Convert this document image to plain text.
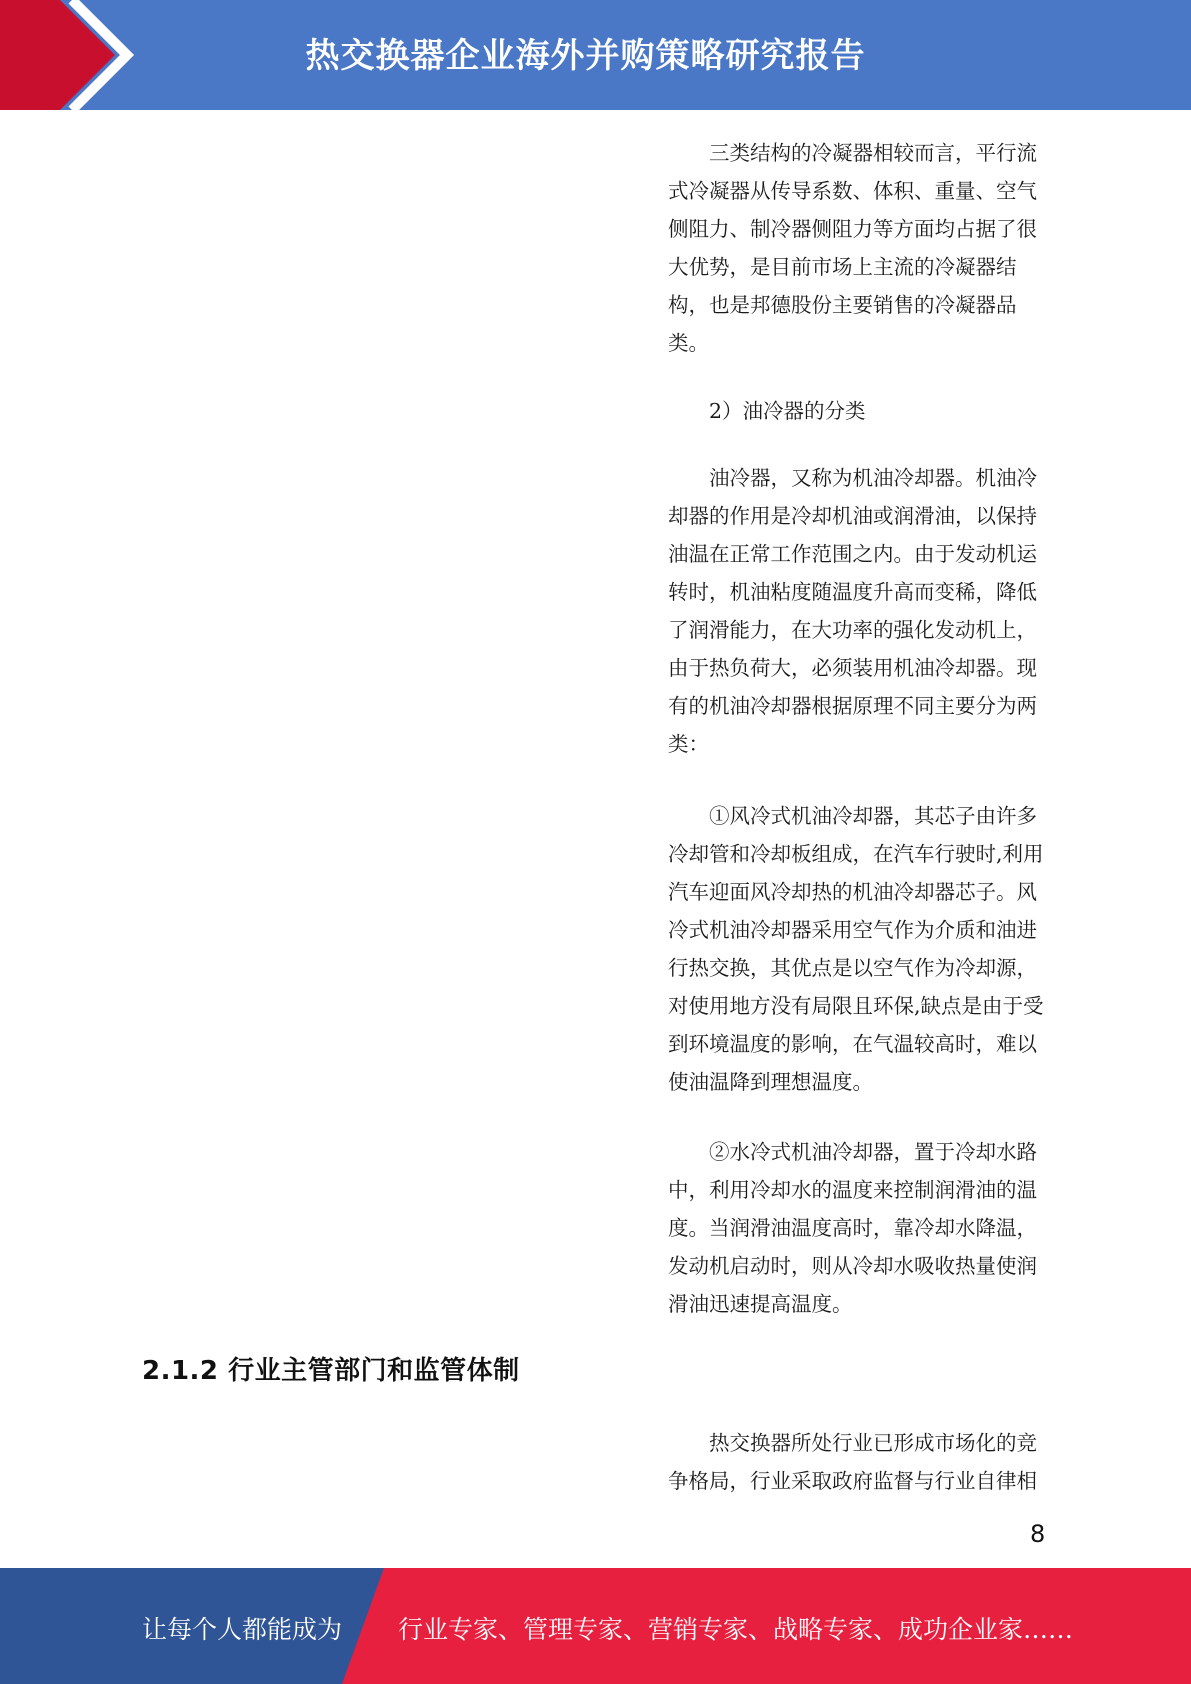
热交换器企业海外并购策略研究报告

三类结构的冷凝器相较而言，平行流式冷凝器从传导系数、体积、重量、空气侧阻力、制冷器侧阻力等方面均占据了很大优势，是目前市场上主流的冷凝器结构，也是邦德股份主要销售的冷凝器品类。

2）油冷器的分类

油冷器，又称为机油冷却器。机油冷却器的作用是冷却机油或润滑油，以保持油温在正常工作范围之内。由于发动机运转时，机油粘度随温度升高而变稀，降低了润滑能力，在大功率的强化发动机上，由于热负荷大，必须装用机油冷却器。现有的机油冷却器根据原理不同主要分为两类：

①风冷式机油冷却器，其芯子由许多冷却管和冷却板组成，在汽车行驶时,利用汽车迎面风冷却热的机油冷却器芯子。风冷式机油冷却器采用空气作为介质和油进行热交换，其优点是以空气作为冷却源，对使用地方没有局限且环保,缺点是由于受到环境温度的影响，在气温较高时，难以使油温降到理想温度。

②水冷式机油冷却器，置于冷却水路中，利用冷却水的温度来控制润滑油的温度。当润滑油温度高时，靠冷却水降温，发动机启动时，则从冷却水吸收热量使润滑油迅速提高温度。

2.1.2 行业主管部门和监管体制

热交换器所处行业已形成市场化的竞争格局，行业采取政府监督与行业自律相

8
让每个人都能成为 行业专家、管理专家、营销专家、战略专家、成功企业家……
